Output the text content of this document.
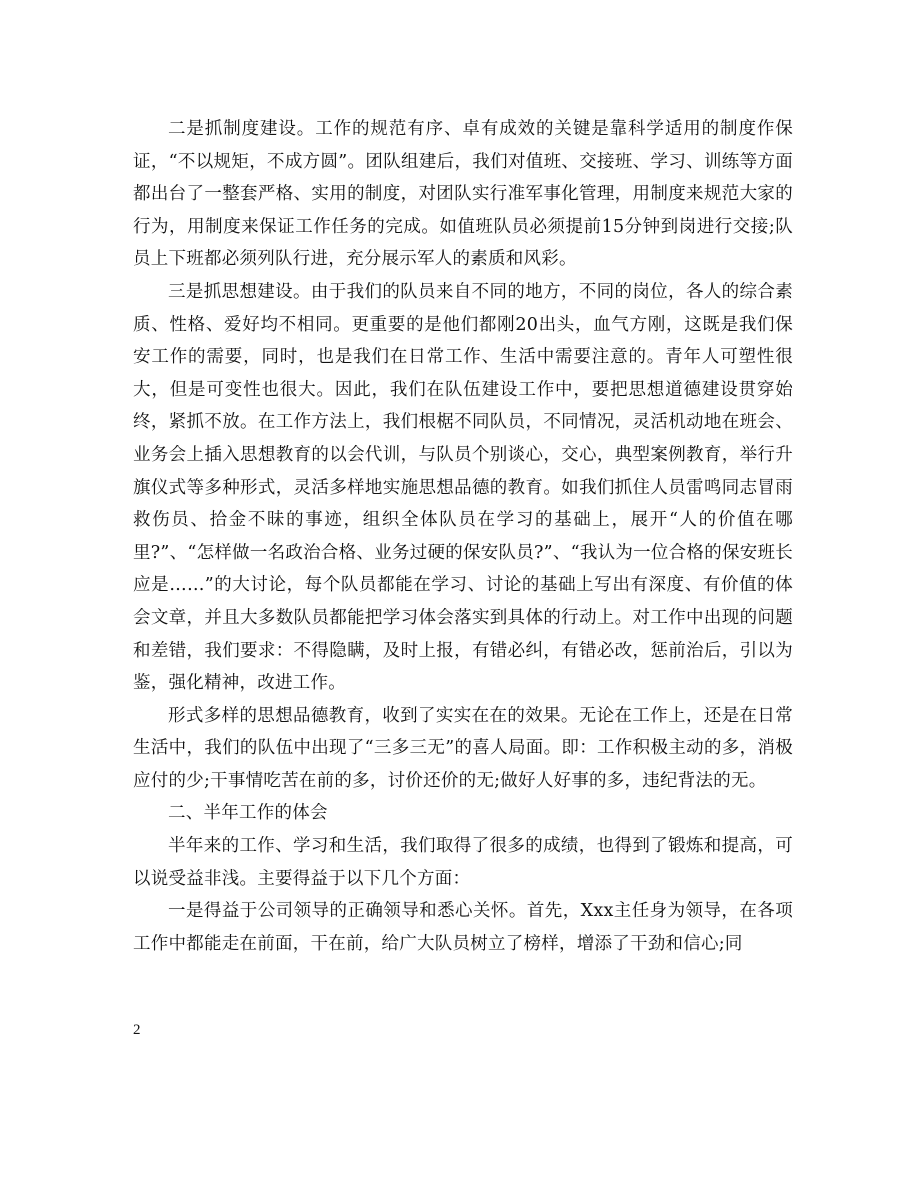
二是抓制度建设。工作的规范有序、卓有成效的关键是靠科学适用的制度作保证，“不以规矩，不成方圆”。团队组建后，我们对值班、交接班、学习、训练等方面都出台了一整套严格、实用的制度，对团队实行准军事化管理，用制度来规范大家的行为，用制度来保证工作任务的完成。如值班队员必须提前15分钟到岗进行交接;队员上下班都必须列队行进，充分展示军人的素质和风彩。

三是抓思想建设。由于我们的队员来自不同的地方，不同的岗位，各人的综合素质、性格、爱好均不相同。更重要的是他们都刚20出头，血气方刚，这既是我们保安工作的需要，同时，也是我们在日常工作、生活中需要注意的。青年人可塑性很大，但是可变性也很大。因此，我们在队伍建设工作中，要把思想道德建设贯穿始终，紧抓不放。在工作方法上，我们根椐不同队员，不同情况，灵活机动地在班会、业务会上插入思想教育的以会代训，与队员个别谈心，交心，典型案例教育，举行升旗仪式等多种形式，灵活多样地实施思想品德的教育。如我们抓住人员雷鸣同志冒雨救伤员、拾金不昧的事迹，组织全体队员在学习的基础上，展开“人的价值在哪里?”、“怎样做一名政治合格、业务过硬的保安队员?”、“我认为一位合格的保安班长应是……”的大讨论，每个队员都能在学习、讨论的基础上写出有深度、有价值的体会文章，并且大多数队员都能把学习体会落实到具体的行动上。对工作中出现的问题和差错，我们要求：不得隐瞒，及时上报，有错必纠，有错必改，惩前治后，引以为鉴，强化精神，改进工作。

形式多样的思想品德教育，收到了实实在在的效果。无论在工作上，还是在日常生活中，我们的队伍中出现了“三多三无”的喜人局面。即：工作积极主动的多，消极应付的少;干事情吃苦在前的多，讨价还价的无;做好人好事的多，违纪背法的无。

二、半年工作的体会

半年来的工作、学习和生活，我们取得了很多的成绩，也得到了锻炼和提高，可以说受益非浅。主要得益于以下几个方面：

一是得益于公司领导的正确领导和悉心关怀。首先，Xxx主任身为领导，在各项工作中都能走在前面，干在前，给广大队员树立了榜样，增添了干劲和信心;同

2
